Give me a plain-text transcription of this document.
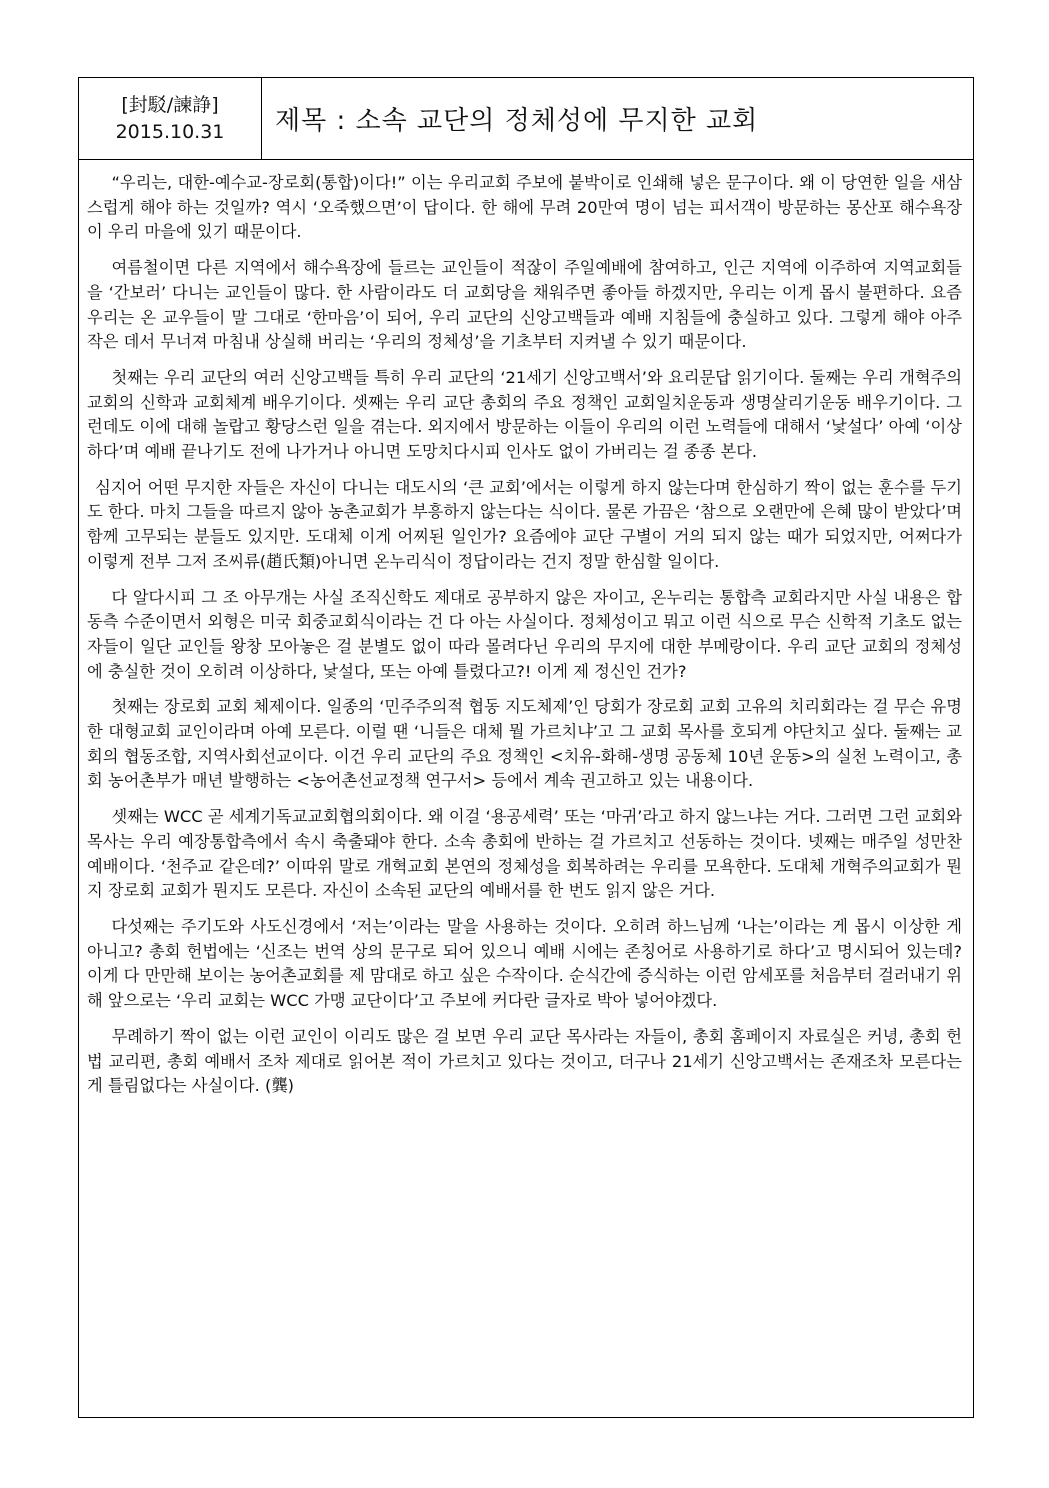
[封駁/諫諍]
2015.10.31	제목 : 소속 교단의 정체성에 무지한 교회

“우리는, 대한-예수교-장로회(통합)이다!” 이는 우리교회 주보에 붙박이로 인쇄해 넣은 문구이다. 왜 이 당연한 일을 새삼스럽게 해야 하는 것일까? 역시 ‘오죽했으면’이 답이다. 한 해에 무려 20만여 명이 넘는 피서객이 방문하는 몽산포 해수욕장이 우리 마을에 있기 때문이다.

여름철이면 다른 지역에서 해수욕장에 들르는 교인들이 적잖이 주일예배에 참여하고, 인근 지역에 이주하여 지역교회들을 ‘간보러’ 다니는 교인들이 많다. 한 사람이라도 더 교회당을 채워주면 좋아들 하겠지만, 우리는 이게 몹시 불편하다. 요즘 우리는 온 교우들이 말 그대로 ‘한마음’이 되어, 우리 교단의 신앙고백들과 예배 지침들에 충실하고 있다. 그렇게 해야 아주 작은 데서 무너져 마침내 상실해 버리는 ‘우리의 정체성’을 기초부터 지켜낼 수 있기 때문이다.

첫째는 우리 교단의 여러 신앙고백들 특히 우리 교단의 ‘21세기 신앙고백서’와 요리문답 읽기이다. 둘째는 우리 개혁주의교회의 신학과 교회체계 배우기이다. 셋째는 우리 교단 총회의 주요 정책인 교회일치운동과 생명살리기운동 배우기이다. 그런데도 이에 대해 놀랍고 황당스런 일을 겪는다. 외지에서 방문하는 이들이 우리의 이런 노력들에 대해서 ‘낯설다’ 아예 ‘이상하다’며 예배 끝나기도 전에 나가거나 아니면 도망치다시피 인사도 없이 가버리는 걸 종종 본다.

심지어 어떤 무지한 자들은 자신이 다니는 대도시의 ‘큰 교회’에서는 이렇게 하지 않는다며 한심하기 짝이 없는 훈수를 두기도 한다. 마치 그들을 따르지 않아 농촌교회가 부흥하지 않는다는 식이다. 물론 가끔은 ‘참으로 오랜만에 은혜 많이 받았다’며 함께 고무되는 분들도 있지만. 도대체 이게 어찌된 일인가? 요즘에야 교단 구별이 거의 되지 않는 때가 되었지만, 어쩌다가 이렇게 전부 그저 조씨류(趙氏類)아니면 온누리식이 정답이라는 건지 정말 한심할 일이다.

다 알다시피 그 조 아무개는 사실 조직신학도 제대로 공부하지 않은 자이고, 온누리는 통합측 교회라지만 사실 내용은 합동측 수준이면서 외형은 미국 회중교회식이라는 건 다 아는 사실이다. 정체성이고 뭐고 이런 식으로 무슨 신학적 기초도 없는 자들이 일단 교인들 왕창 모아놓은 걸 분별도 없이 따라 몰려다닌 우리의 무지에 대한 부메랑이다. 우리 교단 교회의 정체성에 충실한 것이 오히려 이상하다, 낯설다, 또는 아예 틀렸다고?! 이게 제 정신인 건가?

첫째는 장로회 교회 체제이다. 일종의 ‘민주주의적 협동 지도체제’인 당회가 장로회 교회 고유의 치리회라는 걸 무슨 유명한 대형교회 교인이라며 아예 모른다. 이럴 땐 ‘니들은 대체 뭘 가르치냐’고 그 교회 목사를 호되게 야단치고 싶다. 둘째는 교회의 협동조합, 지역사회선교이다. 이건 우리 교단의 주요 정책인 <치유-화해-생명 공동체 10년 운동>의 실천 노력이고, 총회 농어촌부가 매년 발행하는 <농어촌선교정책 연구서> 등에서 계속 권고하고 있는 내용이다.

셋째는 WCC 곧 세계기독교교회협의회이다. 왜 이걸 ‘용공세력’ 또는 ‘마귀’라고 하지 않느냐는 거다. 그러면 그런 교회와 목사는 우리 예장통합측에서 속시 축출돼야 한다. 소속 총회에 반하는 걸 가르치고 선동하는 것이다. 넷째는 매주일 성만찬 예배이다. ‘천주교 같은데?’ 이따위 말로 개혁교회 본연의 정체성을 회복하려는 우리를 모욕한다. 도대체 개혁주의교회가 뭔지 장로회 교회가 뭔지도 모른다. 자신이 소속된 교단의 예배서를 한 번도 읽지 않은 거다.

다섯째는 주기도와 사도신경에서 ‘저는’이라는 말을 사용하는 것이다. 오히려 하느님께 ‘나는’이라는 게 몹시 이상한 게 아니고? 총회 헌법에는 ‘신조는 번역 상의 문구로 되어 있으니 예배 시에는 존칭어로 사용하기로 하다’고 명시되어 있는데? 이게 다 만만해 보이는 농어촌교회를 제 맘대로 하고 싶은 수작이다. 순식간에 증식하는 이런 암세포를 처음부터 걸러내기 위해 앞으로는 ‘우리 교회는 WCC 가맹 교단이다’고 주보에 커다란 글자로 박아 넣어야겠다.

무례하기 짝이 없는 이런 교인이 이리도 많은 걸 보면 우리 교단 목사라는 자들이, 총회 홈페이지 자료실은 커녕, 총회 헌법 교리편, 총회 예배서 조차 제대로 읽어본 적이 가르치고 있다는 것이고, 더구나 21세기 신앙고백서는 존재조차 모른다는 게 틀림없다는 사실이다. (龔)
